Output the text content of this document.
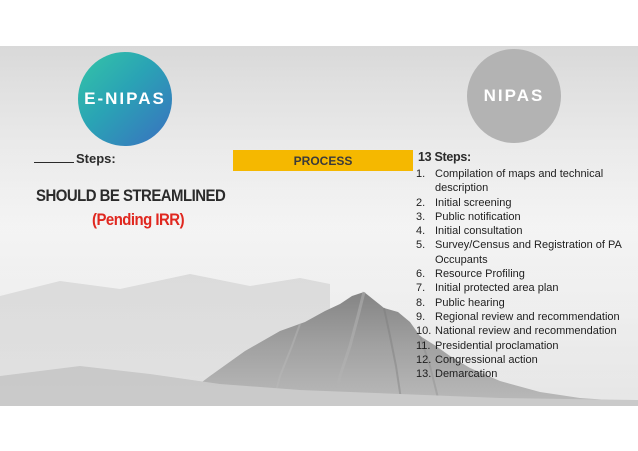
E-NIPAS	NIPAS
Steps:
SHOULD BE STREAMLINED
(Pending IRR)
PROCESS	13 Steps:
1. Compilation of maps and technical description
2. Initial screening
3. Public notification
4. Initial consultation
5. Survey/Census and Registration of PA Occupants
6. Resource Profiling
7. Initial protected area plan
8. Public hearing
9. Regional review and recommendation
10. National review and recommendation
11. Presidential proclamation
12. Congressional action
13. Demarcation
